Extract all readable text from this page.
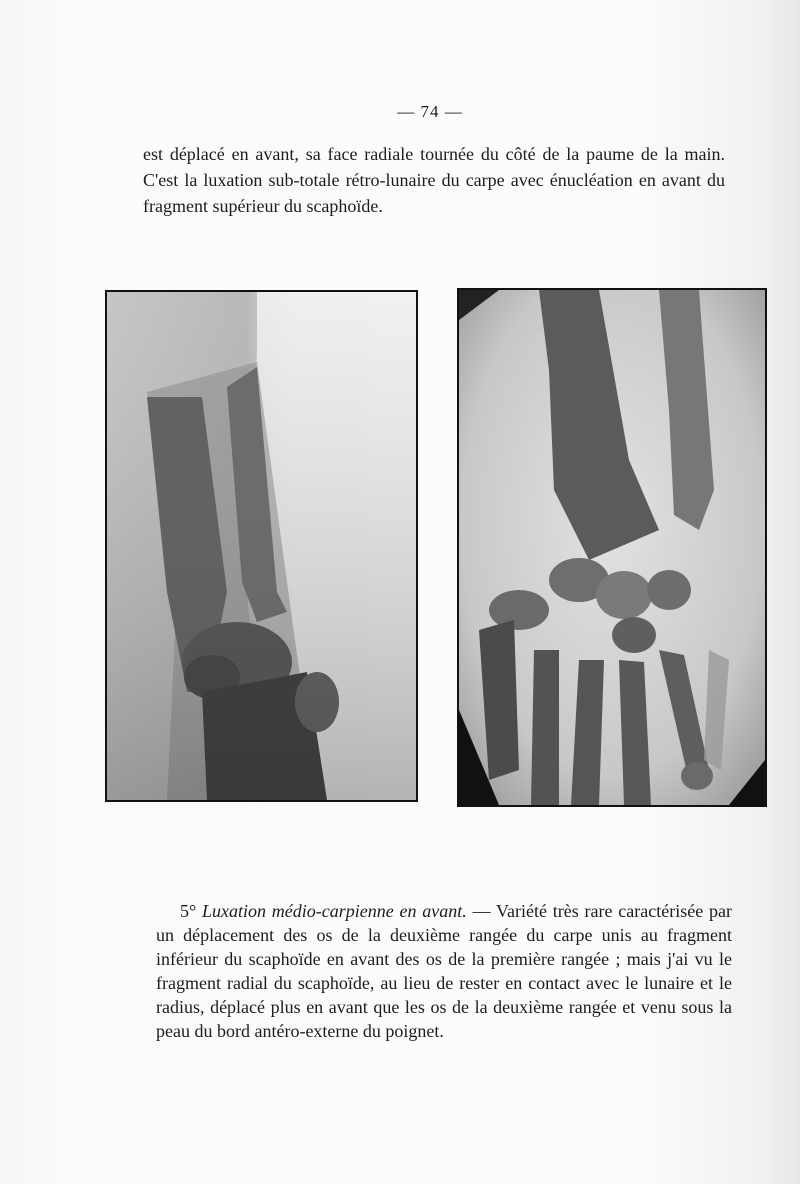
— 74 —

est déplacé en avant, sa face radiale tournée du côté de la paume de la main. C'est la luxation sub-totale rétro-lunaire du carpe avec énucléation en avant du fragment supérieur du scaphoïde.

5° Luxation médio-carpienne en avant. — Variété très rare caractérisée par un déplacement des os de la deuxième rangée du carpe unis au fragment inférieur du scaphoïde en avant des os de la première rangée ; mais j'ai vu le fragment radial du scaphoïde, au lieu de rester en contact avec le lunaire et le radius, déplacé plus en avant que les os de la deuxième rangée et venu sous la peau du bord antéro-externe du poignet.
